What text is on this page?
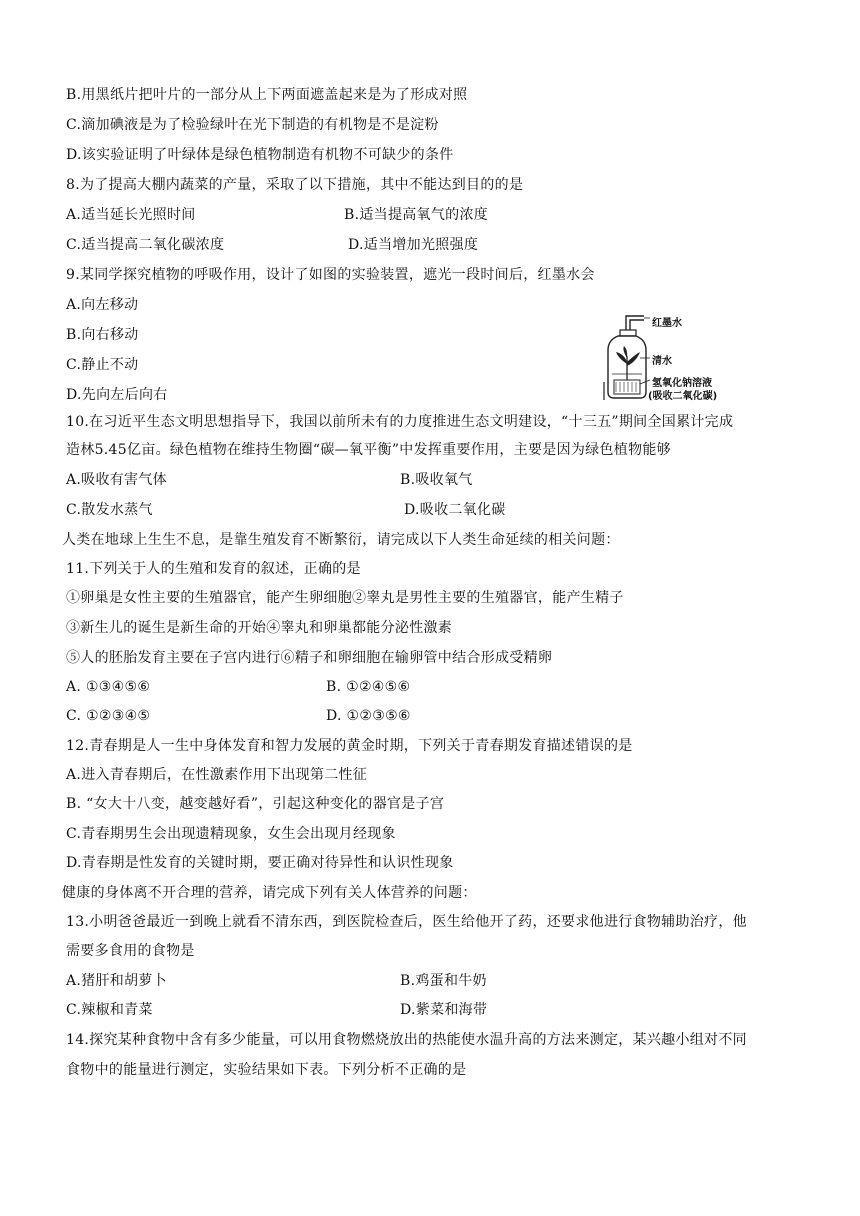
B.用黑纸片把叶片的一部分从上下两面遮盖起来是为了形成对照
C.滴加碘液是为了检验绿叶在光下制造的有机物是不是淀粉
D.该实验证明了叶绿体是绿色植物制造有机物不可缺少的条件
8.为了提高大棚内蔬菜的产量，采取了以下措施，其中不能达到目的的是
A.适当延长光照时间	B.适当提高氧气的浓度
C.适当提高二氧化碳浓度	D.适当增加光照强度
9.某同学探究植物的呼吸作用，设计了如图的实验装置，遮光一段时间后，红墨水会
A.向左移动
B.向右移动
C.静止不动
D.先向左后向右
红墨水
清水
氢氧化钠溶液
(吸收二氧化碳)
10.在习近平生态文明思想指导下，我国以前所未有的力度推进生态文明建设，“十三五”期间全国累计完成
造林5.45亿亩。绿色植物在维持生物圈“碳—氧平衡”中发挥重要作用，主要是因为绿色植物能够
A.吸收有害气体	B.吸收氧气
C.散发水蒸气	D.吸收二氧化碳
人类在地球上生生不息，是靠生殖发育不断繁衍，请完成以下人类生命延续的相关问题：
11.下列关于人的生殖和发育的叙述，正确的是
①卵巢是女性主要的生殖器官，能产生卵细胞②睾丸是男性主要的生殖器官，能产生精子
③新生儿的诞生是新生命的开始④睾丸和卵巢都能分泌性激素
⑤人的胚胎发育主要在子宫内进行⑥精子和卵细胞在输卵管中结合形成受精卵
A. ①③④⑤⑥	B. ①②④⑤⑥
C. ①②③④⑤	D. ①②③⑤⑥
12.青春期是人一生中身体发育和智力发展的黄金时期，下列关于青春期发育描述错误的是
A.进入青春期后，在性激素作用下出现第二性征
B. “女大十八变，越变越好看”，引起这种变化的器官是子宫
C.青春期男生会出现遗精现象，女生会出现月经现象
D.青春期是性发育的关键时期，要正确对待异性和认识性现象
健康的身体离不开合理的营养，请完成下列有关人体营养的问题：
13.小明爸爸最近一到晚上就看不清东西，到医院检查后，医生给他开了药，还要求他进行食物辅助治疗，他
需要多食用的食物是
A.猪肝和胡萝卜	B.鸡蛋和牛奶
C.辣椒和青菜	D.紫菜和海带
14.探究某种食物中含有多少能量，可以用食物燃烧放出的热能使水温升高的方法来测定，某兴趣小组对不同
食物中的能量进行测定，实验结果如下表。下列分析不正确的是
